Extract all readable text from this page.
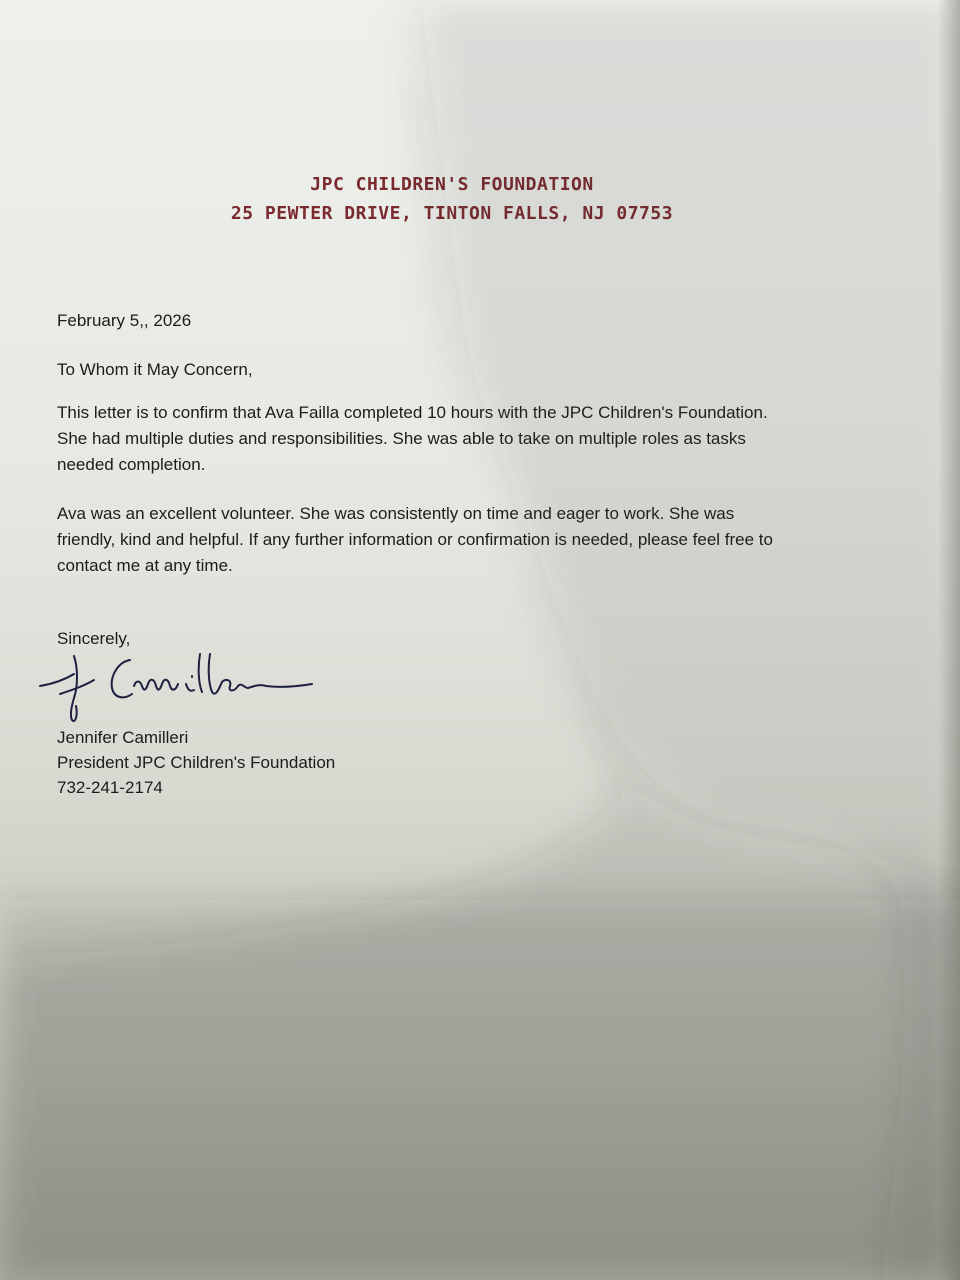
JPC CHILDREN'S FOUNDATION
25 PEWTER DRIVE, TINTON FALLS, NJ 07753
February 5,, 2026
To Whom it May Concern,
This letter is to confirm that Ava Failla completed 10 hours with the JPC Children's Foundation.
She had multiple duties and responsibilities. She was able to take on multiple roles as tasks
needed completion.
Ava was an excellent volunteer. She was consistently on time and eager to work. She was
friendly, kind and helpful. If any further information or confirmation is needed, please feel free to
contact me at any time.
Sincerely,
Jennifer Camilleri
President JPC Children's Foundation
732-241-2174
